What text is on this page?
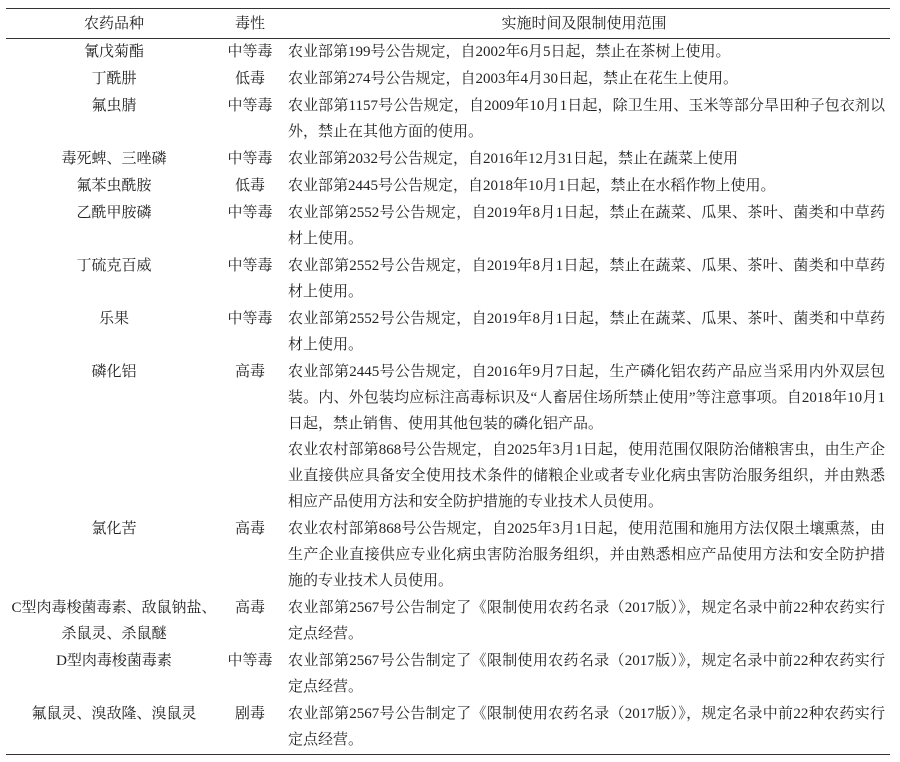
农药品种	毒性	实施时间及限制使用范围
氰戊菊酯	中等毒	农业部第199号公告规定，自2002年6月5日起，禁止在茶树上使用。

丁酰肼	低毒	农业部第274号公告规定，自2003年4月30日起，禁止在花生上使用。

氟虫腈	中等毒	农业部第1157号公告规定，自2009年10月1日起，除卫生用、玉米等部分旱田种子包衣剂以外，禁止在其他方面的使用。

毒死蜱、三唑磷	中等毒	农业部第2032号公告规定，自2016年12月31日起，禁止在蔬菜上使用

氟苯虫酰胺	低毒	农业部第2445号公告规定，自2018年10月1日起，禁止在水稻作物上使用。

乙酰甲胺磷	中等毒	农业部第2552号公告规定，自2019年8月1日起，禁止在蔬菜、瓜果、茶叶、菌类和中草药材上使用。

丁硫克百威	中等毒	农业部第2552号公告规定，自2019年8月1日起，禁止在蔬菜、瓜果、茶叶、菌类和中草药材上使用。

乐果	中等毒	农业部第2552号公告规定，自2019年8月1日起，禁止在蔬菜、瓜果、茶叶、菌类和中草药材上使用。

磷化铝	高毒	农业部第2445号公告规定，自2016年9月7日起，生产磷化铝农药产品应当采用内外双层包装。内、外包装均应标注高毒标识及“人畜居住场所禁止使用”等注意事项。自2018年10月1日起，禁止销售、使用其他包装的磷化铝产品。

农业农村部第868号公告规定，自2025年3月1日起，使用范围仅限防治储粮害虫，由生产企业直接供应具备安全使用技术条件的储粮企业或者专业化病虫害防治服务组织，并由熟悉相应产品使用方法和安全防护措施的专业技术人员使用。

氯化苦	高毒	农业农村部第868号公告规定，自2025年3月1日起，使用范围和施用方法仅限土壤熏蒸，由生产企业直接供应专业化病虫害防治服务组织，并由熟悉相应产品使用方法和安全防护措施的专业技术人员使用。

C型肉毒梭菌毒素、敌鼠钠盐、杀鼠灵、杀鼠醚	高毒	农业部第2567号公告制定了《限制使用农药名录（2017版）》，规定名录中前22种农药实行定点经营。

D型肉毒梭菌毒素	中等毒	农业部第2567号公告制定了《限制使用农药名录（2017版）》，规定名录中前22种农药实行定点经营。

氟鼠灵、溴敌隆、溴鼠灵	剧毒	农业部第2567号公告制定了《限制使用农药名录（2017版）》，规定名录中前22种农药实行定点经营。
